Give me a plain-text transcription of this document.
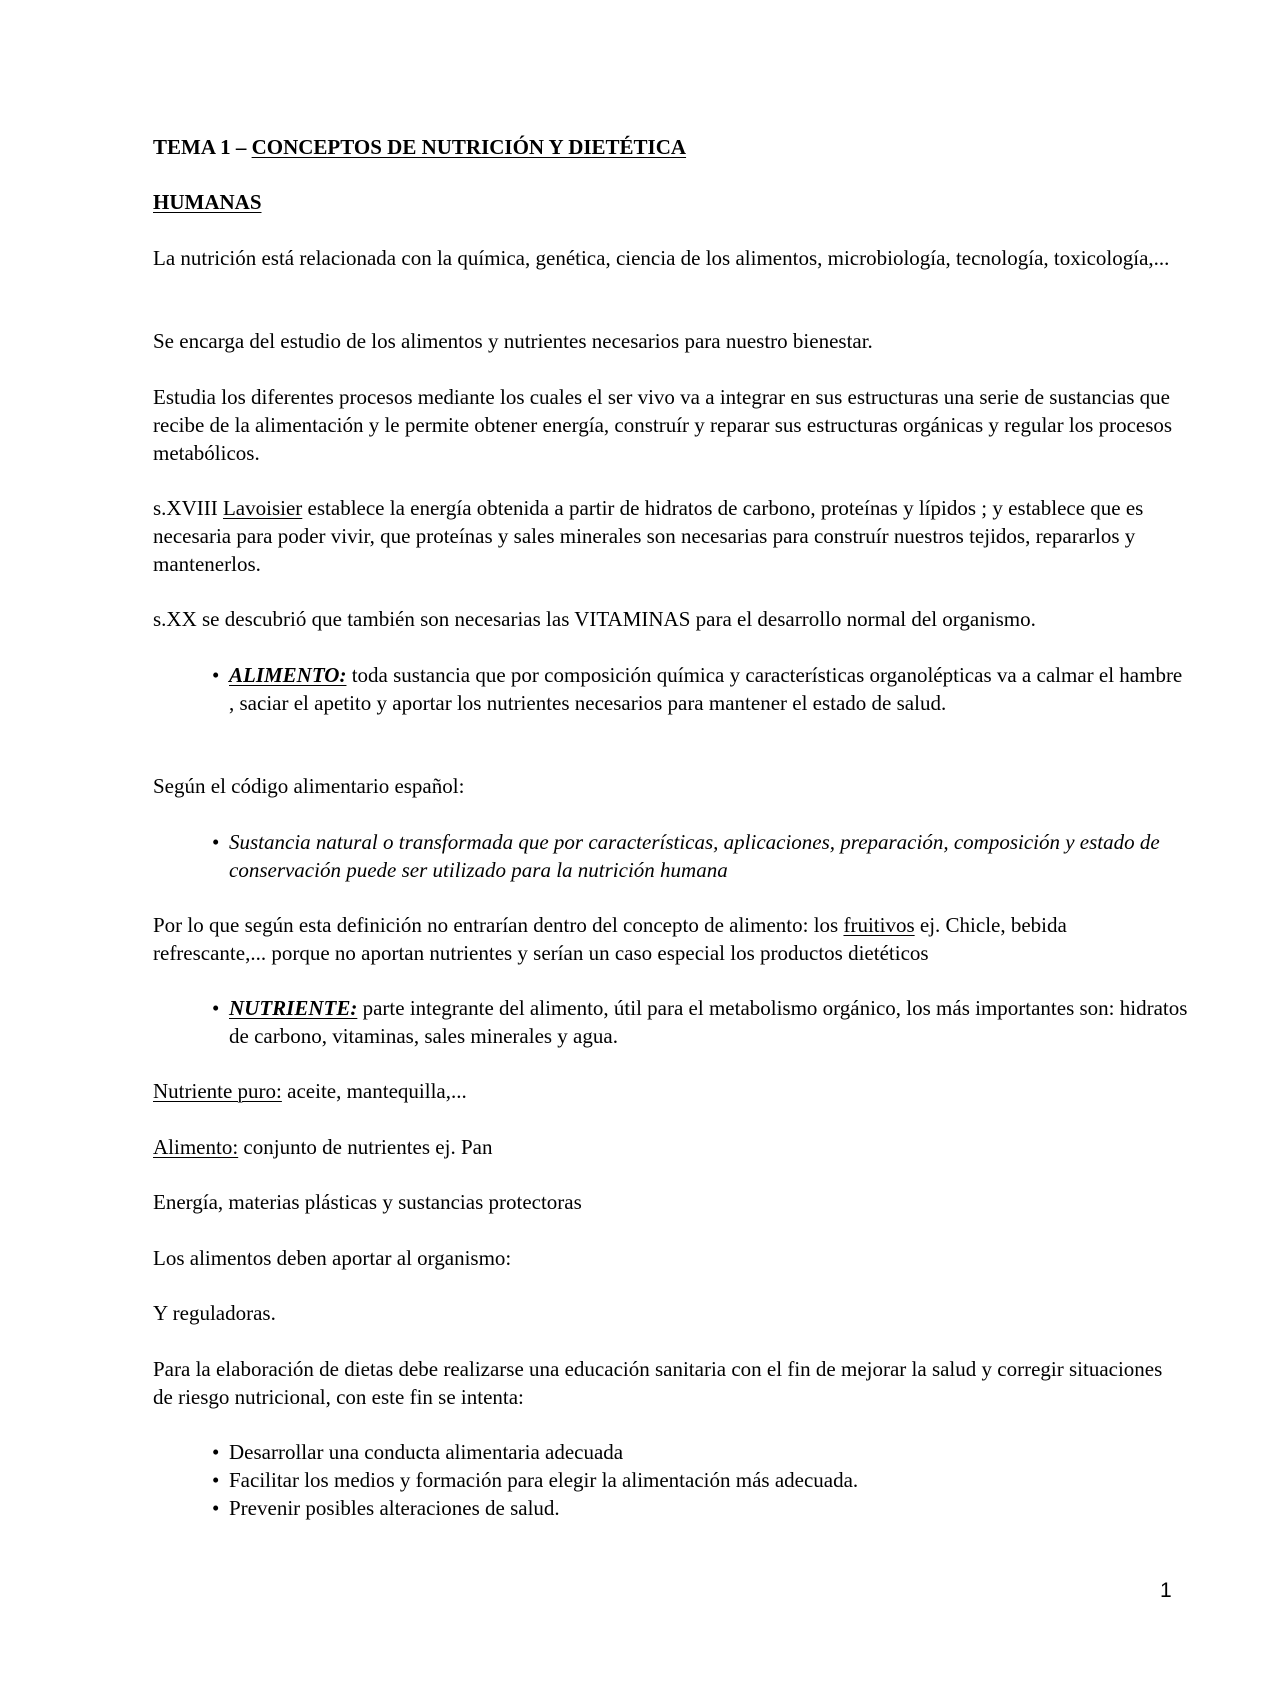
TEMA 1 – CONCEPTOS DE NUTRICIÓN Y DIETÉTICA

HUMANAS

La nutrición está relacionada con la química, genética, ciencia de los alimentos, microbiología, tecnología, toxicología,...

Se encarga del estudio de los alimentos y nutrientes necesarios para nuestro bienestar.

Estudia los diferentes procesos mediante los cuales el ser vivo va a integrar en sus estructuras una serie de sustancias que recibe de la alimentación y le permite obtener energía, construír y reparar sus estructuras orgánicas y regular los procesos metabólicos.

s.XVIII Lavoisier establece la energía obtenida a partir de hidratos de carbono, proteínas y lípidos ; y establece que es necesaria para poder vivir, que proteínas y sales minerales son necesarias para construír nuestros tejidos, repararlos y mantenerlos.

s.XX se descubrió que también son necesarias las VITAMINAS para el desarrollo normal del organismo.

• ALIMENTO: toda sustancia que por composición química y características organolépticas va a calmar el hambre , saciar el apetito y aportar los nutrientes necesarios para mantener el estado de salud.

Según el código alimentario español:

• Sustancia natural o transformada que por características, aplicaciones, preparación, composición y estado de conservación puede ser utilizado para la nutrición humana

Por lo que según esta definición no entrarían dentro del concepto de alimento: los fruitivos ej. Chicle, bebida refrescante,... porque no aportan nutrientes y serían un caso especial los productos dietéticos

• NUTRIENTE: parte integrante del alimento, útil para el metabolismo orgánico, los más importantes son: hidratos de carbono, vitaminas, sales minerales y agua.

Nutriente puro: aceite, mantequilla,...

Alimento: conjunto de nutrientes ej. Pan

Energía, materias plásticas y sustancias protectoras

Los alimentos deben aportar al organismo:

Y reguladoras.

Para la elaboración de dietas debe realizarse una educación sanitaria con el fin de mejorar la salud y corregir situaciones de riesgo nutricional, con este fin se intenta:

• Desarrollar una conducta alimentaria adecuada

• Facilitar los medios y formación para elegir la alimentación más adecuada.

• Prevenir posibles alteraciones de salud.

1
